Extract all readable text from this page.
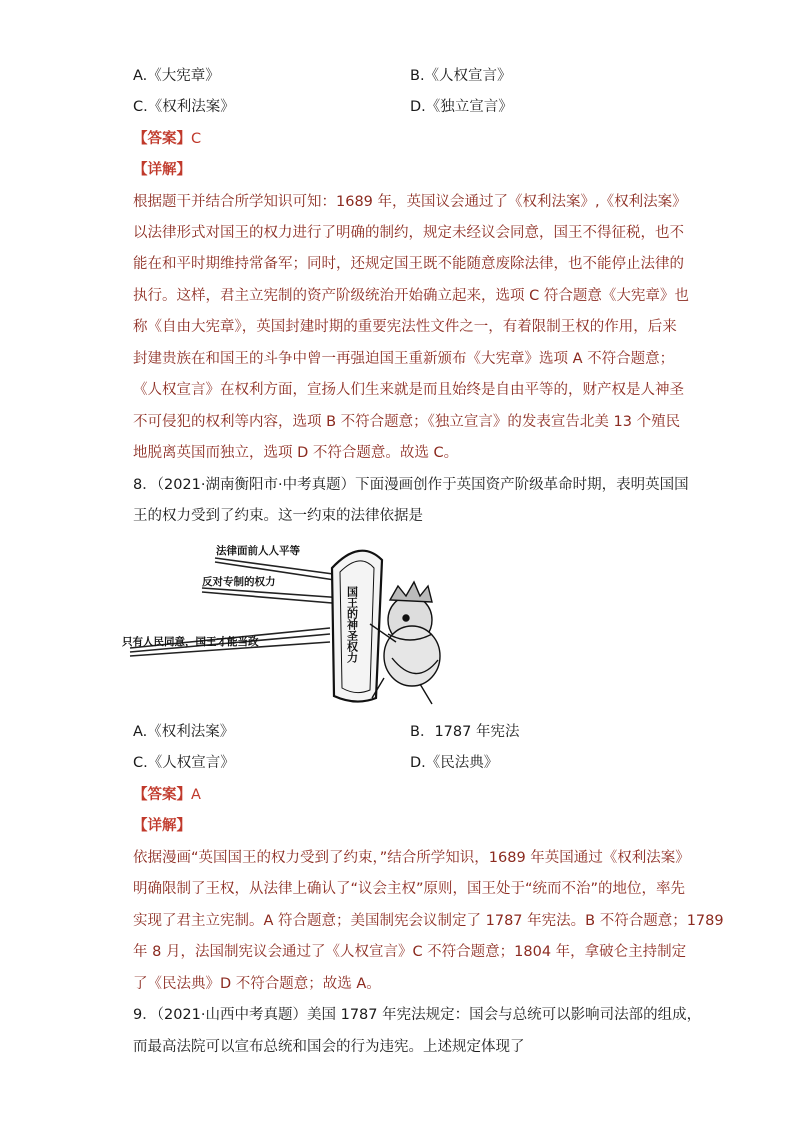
A.《大宪章》	B.《人权宣言》
C.《权利法案》	D.《独立宣言》
【答案】C
【详解】
根据题干并结合所学知识可知：1689 年，英国议会通过了《权利法案》,《权利法案》
以法律形式对国王的权力进行了明确的制约，规定未经议会同意，国王不得征税，也不
能在和平时期维持常备军；同时，还规定国王既不能随意废除法律，也不能停止法律的
执行。这样，君主立宪制的资产阶级统治开始确立起来，选项 C 符合题意《大宪章》也
称《自由大宪章》，英国封建时期的重要宪法性文件之一，有着限制王权的作用，后来
封建贵族在和国王的斗争中曾一再强迫国王重新颁布《大宪章》选项 A 不符合题意；
《人权宣言》在权利方面，宣扬人们生来就是而且始终是自由平等的，财产权是人神圣
不可侵犯的权利等内容，选项 B 不符合题意；《独立宣言》的发表宣告北美 13 个殖民
地脱离英国而独立，选项 D 不符合题意。故选 C。
8．（2021·湖南衡阳市·中考真题）下面漫画创作于英国资产阶级革命时期，表明英国国
王的权力受到了约束。这一约束的法律依据是
法律面前人人平等
反对专制的权力
只有人民同意，国王才能当政	国王的神圣权力
A.《权利法案》	B．1787 年宪法
C.《人权宣言》	D.《民法典》
【答案】A
【详解】
依据漫画“英国国王的权力受到了约束，”结合所学知识，1689 年英国通过《权利法案》
明确限制了王权，从法律上确认了“议会主权”原则，国王处于“统而不治”的地位，率先
实现了君主立宪制。A 符合题意；美国制宪会议制定了 1787 年宪法。B 不符合题意；1789
年 8 月，法国制宪议会通过了《人权宣言》C 不符合题意；1804 年，拿破仑主持制定
了《民法典》D 不符合题意；故选 A。
9．（2021·山西中考真题）美国 1787 年宪法规定：国会与总统可以影响司法部的组成，
而最高法院可以宣布总统和国会的行为违宪。上述规定体现了
